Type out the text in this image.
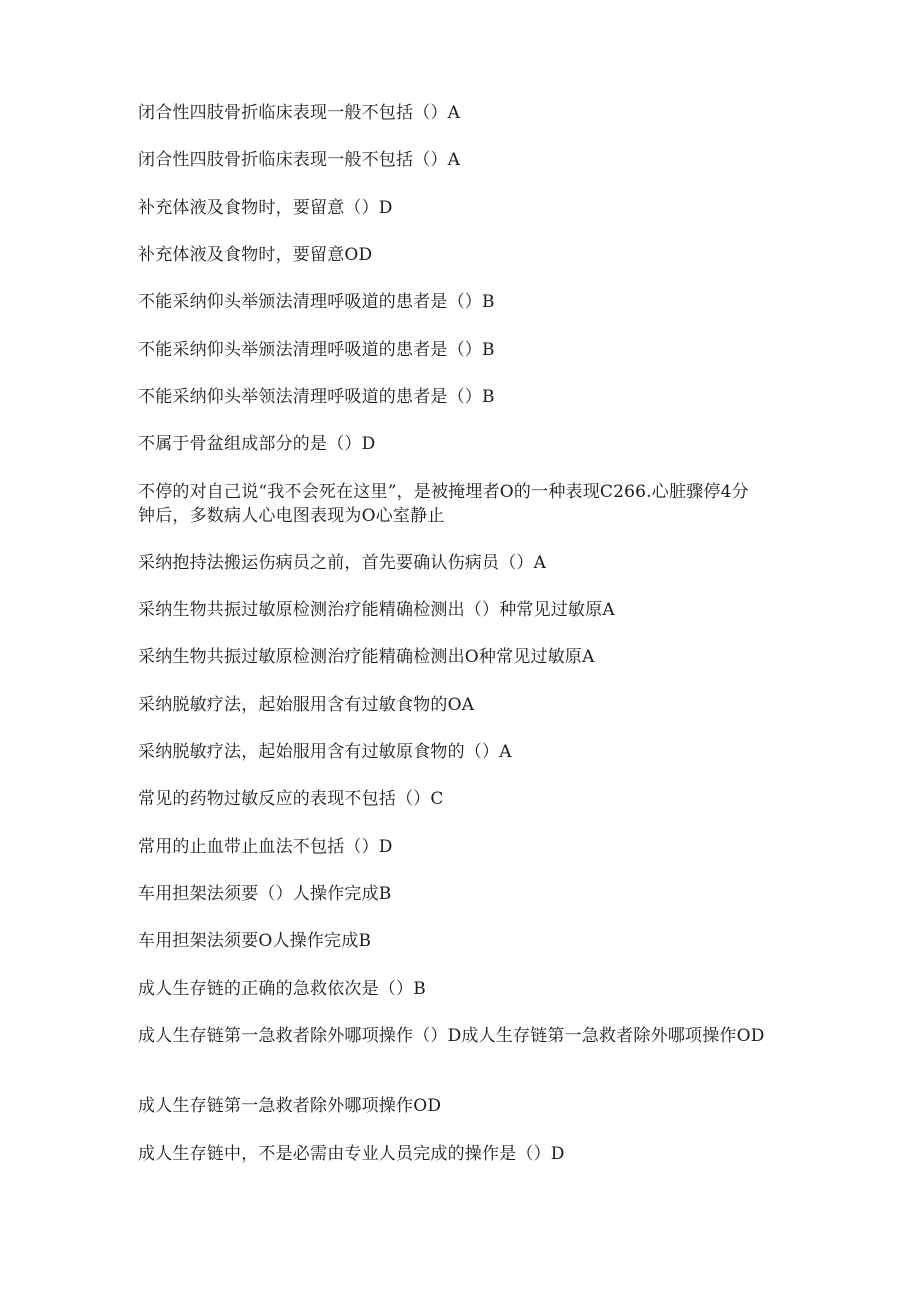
闭合性四肢骨折临床表现一般不包括（）A

闭合性四肢骨折临床表现一般不包括（）A

补充体液及食物时，要留意（）D

补充体液及食物时，要留意OD

不能采纳仰头举颁法清理呼吸道的患者是（）B

不能采纳仰头举颁法清理呼吸道的患者是（）B

不能采纳仰头举领法清理呼吸道的患者是（）B

不属于骨盆组成部分的是（）D

不停的对自己说“我不会死在这里”，是被掩埋者O的一种表现C266.心脏骤停4分钟后，多数病人心电图表现为O心室静止

采纳抱持法搬运伤病员之前，首先要确认伤病员（）A

采纳生物共振过敏原检测治疗能精确检测出（）种常见过敏原A

采纳生物共振过敏原检测治疗能精确检测出O种常见过敏原A

采纳脱敏疗法，起始服用含有过敏食物的OA

采纳脱敏疗法，起始服用含有过敏原食物的（）A

常见的药物过敏反应的表现不包括（）C

常用的止血带止血法不包括（）D

车用担架法须要（）人操作完成B

车用担架法须要O人操作完成B

成人生存链的正确的急救依次是（）B

成人生存链第一急救者除外哪项操作（）D成人生存链第一急救者除外哪项操作OD

成人生存链第一急救者除外哪项操作OD

成人生存链中，不是必需由专业人员完成的操作是（）D
